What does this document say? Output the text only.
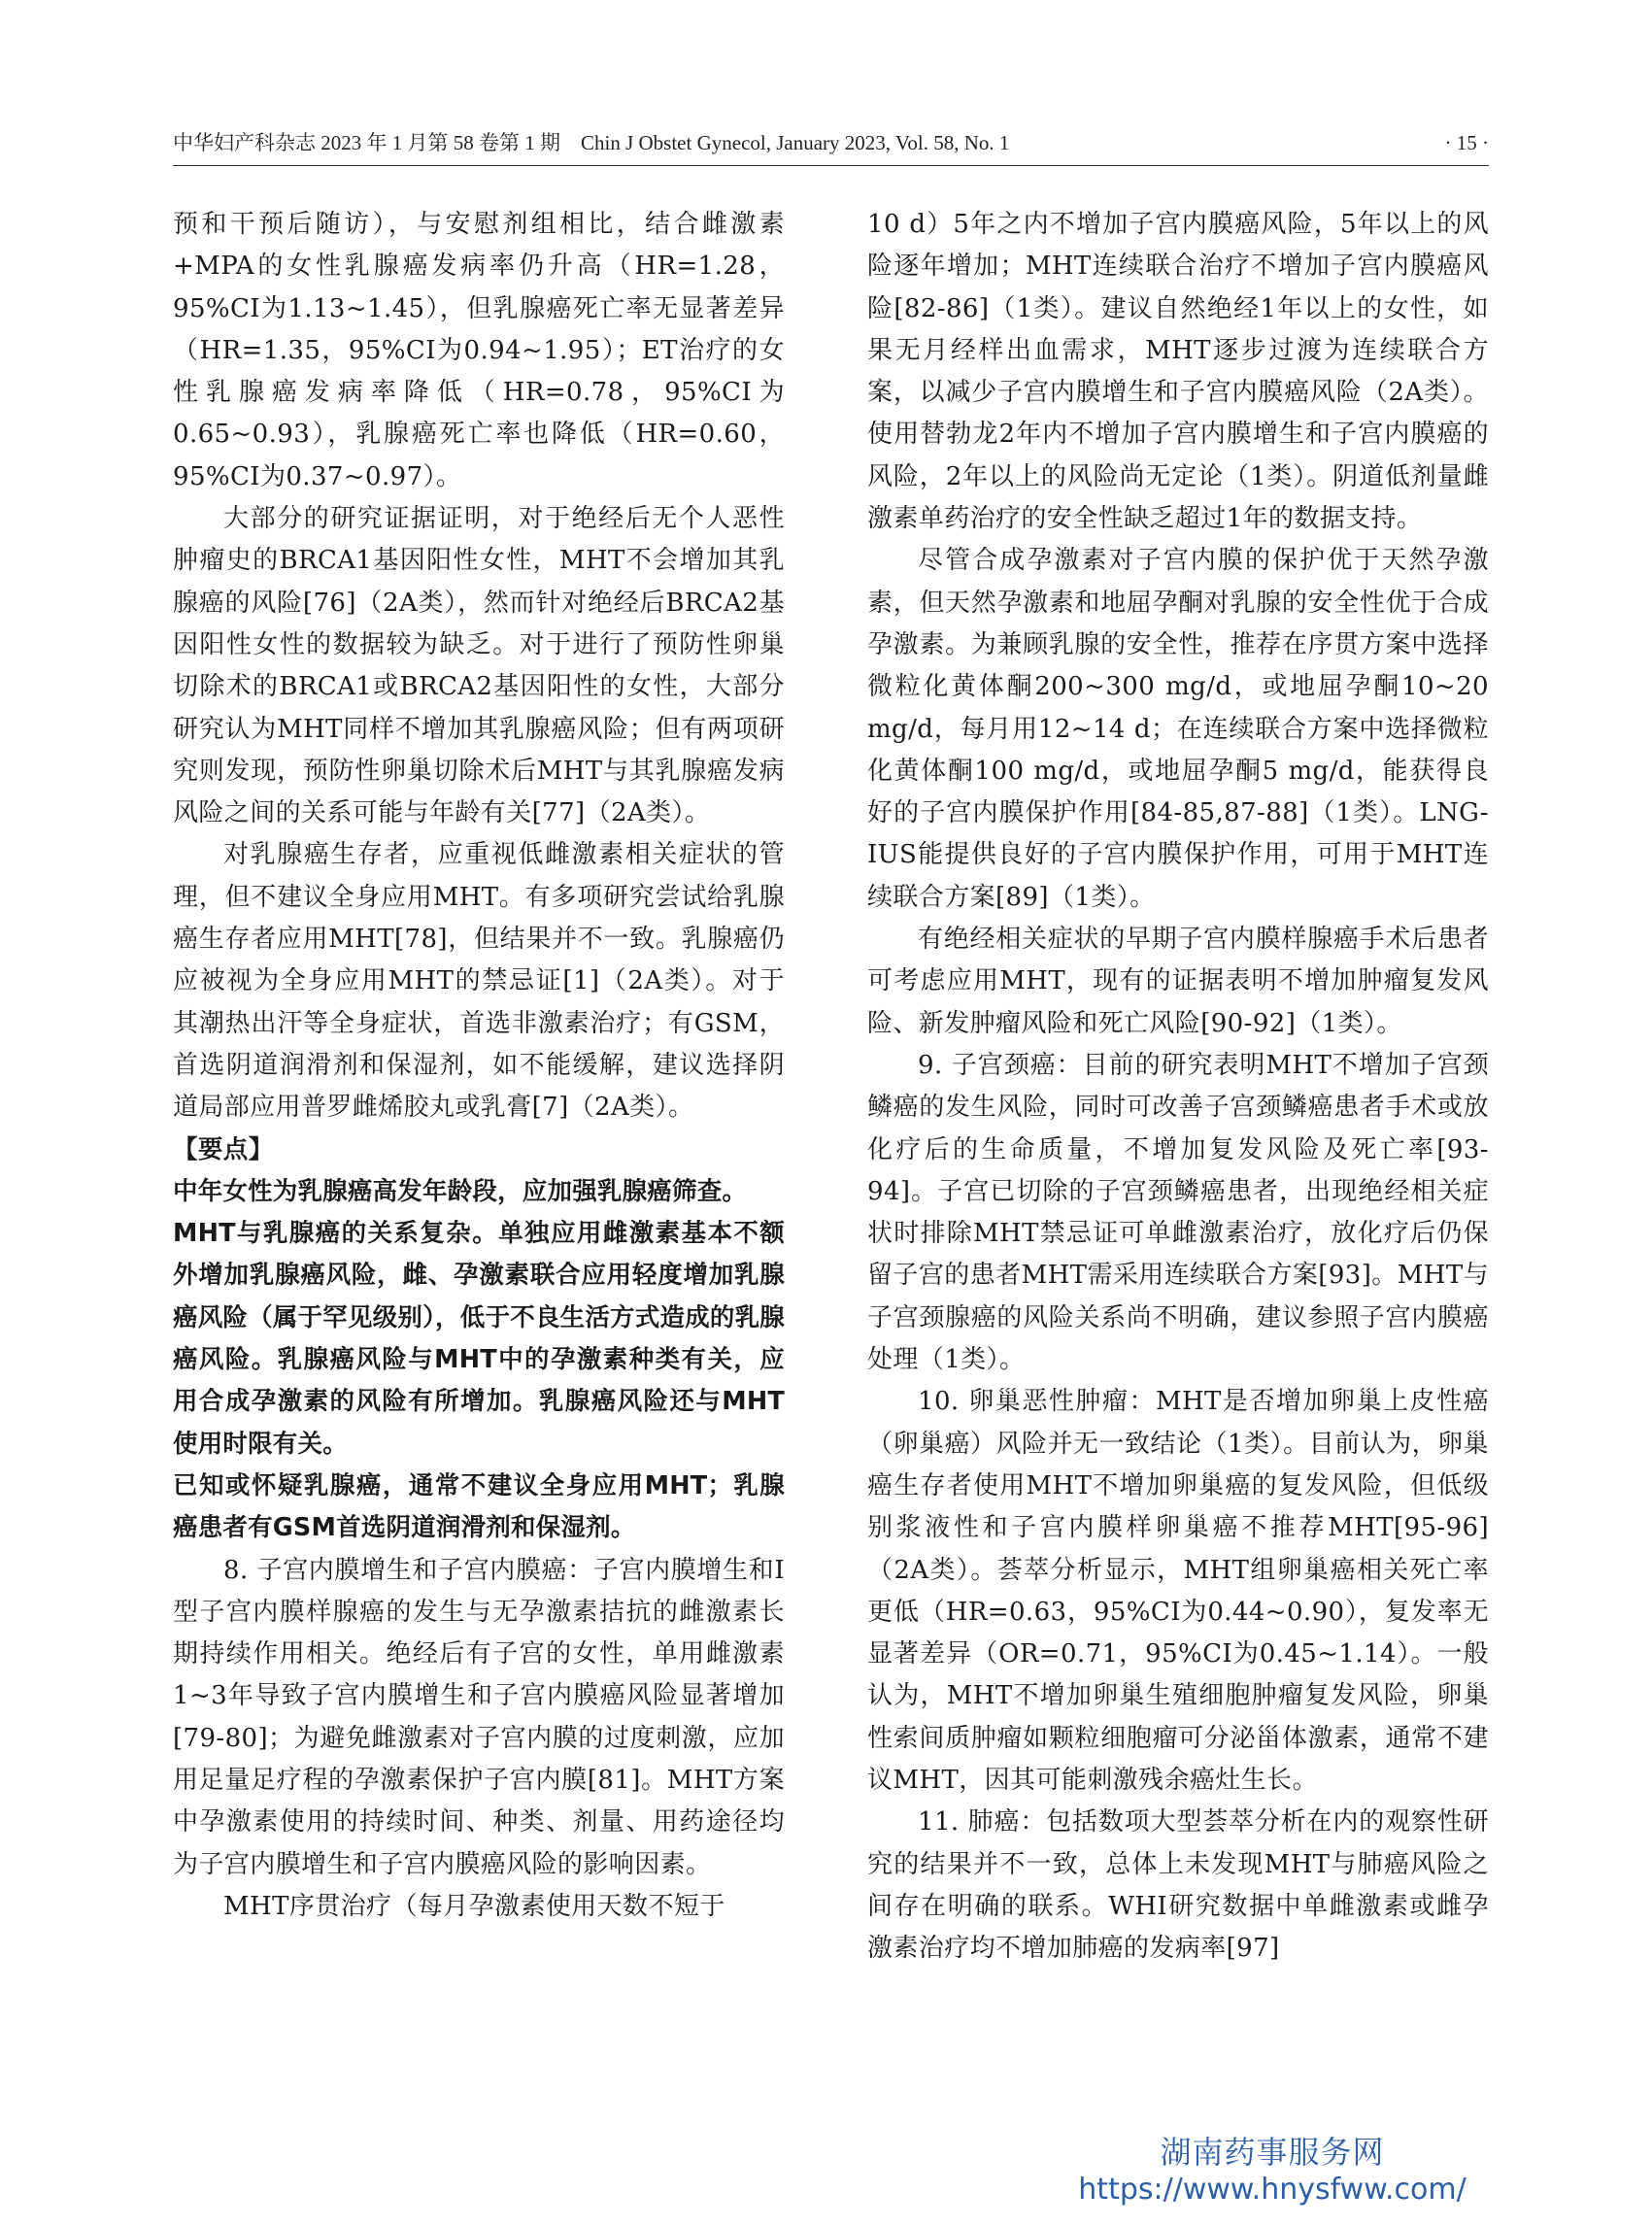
中华妇产科杂志 2023 年 1 月第 58 卷第 1 期　Chin J Obstet Gynecol, January 2023, Vol. 58, No. 1	· 15 ·

预和干预后随访），与安慰剂组相比，结合雌激素+MPA的女性乳腺癌发病率仍升高（HR=1.28，95%CI为1.13~1.45），但乳腺癌死亡率无显著差异（HR=1.35，95%CI为0.94~1.95）；ET治疗的女性乳腺癌发病率降低（HR=0.78，95%CI为0.65~0.93），乳腺癌死亡率也降低（HR=0.60，95%CI为0.37~0.97）。

大部分的研究证据证明，对于绝经后无个人恶性肿瘤史的BRCA1基因阳性女性，MHT不会增加其乳腺癌的风险[76]（2A类），然而针对绝经后BRCA2基因阳性女性的数据较为缺乏。对于进行了预防性卵巢切除术的BRCA1或BRCA2基因阳性的女性，大部分研究认为MHT同样不增加其乳腺癌风险；但有两项研究则发现，预防性卵巢切除术后MHT与其乳腺癌发病风险之间的关系可能与年龄有关[77]（2A类）。

对乳腺癌生存者，应重视低雌激素相关症状的管理，但不建议全身应用MHT。有多项研究尝试给乳腺癌生存者应用MHT[78]，但结果并不一致。乳腺癌仍应被视为全身应用MHT的禁忌证[1]（2A类）。对于其潮热出汗等全身症状，首选非激素治疗；有GSM，首选阴道润滑剂和保湿剂，如不能缓解，建议选择阴道局部应用普罗雌烯胶丸或乳膏[7]（2A类）。

【要点】

中年女性为乳腺癌高发年龄段，应加强乳腺癌筛查。

MHT与乳腺癌的关系复杂。单独应用雌激素基本不额外增加乳腺癌风险，雌、孕激素联合应用轻度增加乳腺癌风险（属于罕见级别），低于不良生活方式造成的乳腺癌风险。乳腺癌风险与MHT中的孕激素种类有关，应用合成孕激素的风险有所增加。乳腺癌风险还与MHT使用时限有关。

已知或怀疑乳腺癌，通常不建议全身应用MHT；乳腺癌患者有GSM首选阴道润滑剂和保湿剂。

8. 子宫内膜增生和子宫内膜癌：子宫内膜增生和Ⅰ型子宫内膜样腺癌的发生与无孕激素拮抗的雌激素长期持续作用相关。绝经后有子宫的女性，单用雌激素1~3年导致子宫内膜增生和子宫内膜癌风险显著增加[79-80]；为避免雌激素对子宫内膜的过度刺激，应加用足量足疗程的孕激素保护子宫内膜[81]。MHT方案中孕激素使用的持续时间、种类、剂量、用药途径均为子宫内膜增生和子宫内膜癌风险的影响因素。

MHT序贯治疗（每月孕激素使用天数不短于

10 d）5年之内不增加子宫内膜癌风险，5年以上的风险逐年增加；MHT连续联合治疗不增加子宫内膜癌风险[82-86]（1类）。建议自然绝经1年以上的女性，如果无月经样出血需求，MHT逐步过渡为连续联合方案，以减少子宫内膜增生和子宫内膜癌风险（2A类）。使用替勃龙2年内不增加子宫内膜增生和子宫内膜癌的风险，2年以上的风险尚无定论（1类）。阴道低剂量雌激素单药治疗的安全性缺乏超过1年的数据支持。

尽管合成孕激素对子宫内膜的保护优于天然孕激素，但天然孕激素和地屈孕酮对乳腺的安全性优于合成孕激素。为兼顾乳腺的安全性，推荐在序贯方案中选择微粒化黄体酮200~300 mg/d，或地屈孕酮10~20 mg/d，每月用12~14 d；在连续联合方案中选择微粒化黄体酮100 mg/d，或地屈孕酮5 mg/d，能获得良好的子宫内膜保护作用[84-85,87-88]（1类）。LNG-IUS能提供良好的子宫内膜保护作用，可用于MHT连续联合方案[89]（1类）。

有绝经相关症状的早期子宫内膜样腺癌手术后患者可考虑应用MHT，现有的证据表明不增加肿瘤复发风险、新发肿瘤风险和死亡风险[90-92]（1类）。

9. 子宫颈癌：目前的研究表明MHT不增加子宫颈鳞癌的发生风险，同时可改善子宫颈鳞癌患者手术或放化疗后的生命质量，不增加复发风险及死亡率[93-94]。子宫已切除的子宫颈鳞癌患者，出现绝经相关症状时排除MHT禁忌证可单雌激素治疗，放化疗后仍保留子宫的患者MHT需采用连续联合方案[93]。MHT与子宫颈腺癌的风险关系尚不明确，建议参照子宫内膜癌处理（1类）。

10. 卵巢恶性肿瘤：MHT是否增加卵巢上皮性癌（卵巢癌）风险并无一致结论（1类）。目前认为，卵巢癌生存者使用MHT不增加卵巢癌的复发风险，但低级别浆液性和子宫内膜样卵巢癌不推荐MHT[95-96]（2A类）。荟萃分析显示，MHT组卵巢癌相关死亡率更低（HR=0.63，95%CI为0.44~0.90），复发率无显著差异（OR=0.71，95%CI为0.45~1.14）。一般认为，MHT不增加卵巢生殖细胞肿瘤复发风险，卵巢性索间质肿瘤如颗粒细胞瘤可分泌甾体激素，通常不建议MHT，因其可能刺激残余癌灶生长。

11. 肺癌：包括数项大型荟萃分析在内的观察性研究的结果并不一致，总体上未发现MHT与肺癌风险之间存在明确的联系。WHI研究数据中单雌激素或雌孕激素治疗均不增加肺癌的发病率[97]

湖南药事服务网
https://www.hnysfww.com/
